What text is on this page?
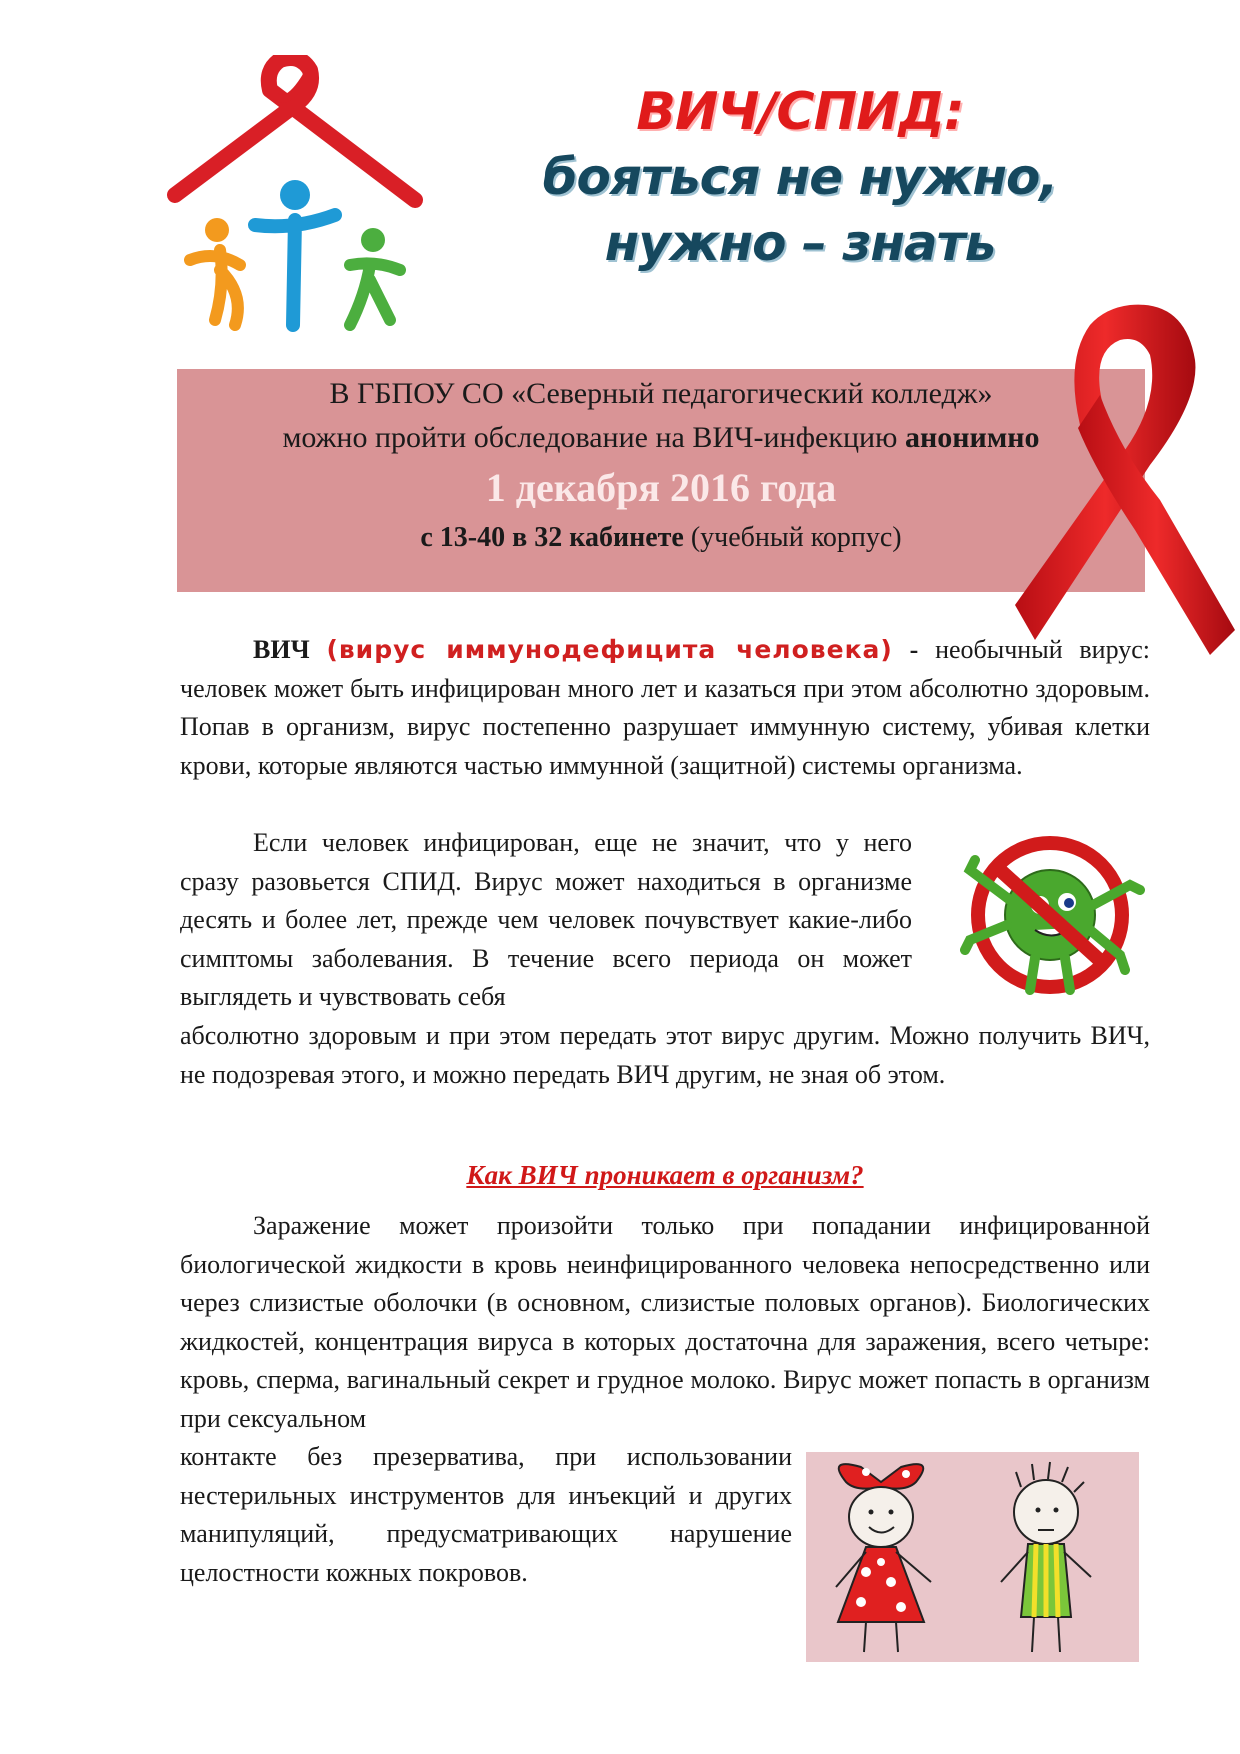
ВИЧ/СПИД:
бояться не нужно,
нужно – знать
В ГБПОУ СО «Северный педагогический колледж»
можно пройти обследование на ВИЧ-инфекцию анонимно
1 декабря 2016 года
с 13-40 в 32 кабинете (учебный корпус)

ВИЧ (вирус иммунодефицита человека) - необычный вирус: человек может быть инфицирован много лет и казаться при этом абсолютно здоровым. Попав в организм, вирус постепенно разрушает иммунную систему, убивая клетки крови, которые являются частью иммунной (защитной) системы организма.

Если человек инфицирован, еще не значит, что у него сразу разовьется СПИД. Вирус может находиться в организме десять и более лет, прежде чем человек почувствует какие-либо симптомы заболевания. В течение всего периода он может выглядеть и чувствовать себя

абсолютно здоровым и при этом передать этот вирус другим. Можно получить ВИЧ, не подозревая этого, и можно передать ВИЧ другим, не зная об этом.

Как ВИЧ проникает в организм?

Заражение может произойти только при попадании инфицированной биологической жидкости в кровь неинфицированного человека непосредственно или через слизистые оболочки (в основном, слизистые половых органов). Биологических жидкостей, концентрация вируса в которых достаточна для заражения, всего четыре: кровь, сперма, вагинальный секрет и грудное молоко. Вирус может попасть в организм при сексуальном

контакте без презерватива, при использовании нестерильных инструментов для инъекций и других манипуляций, предусматривающих нарушение целостности кожных покровов.
